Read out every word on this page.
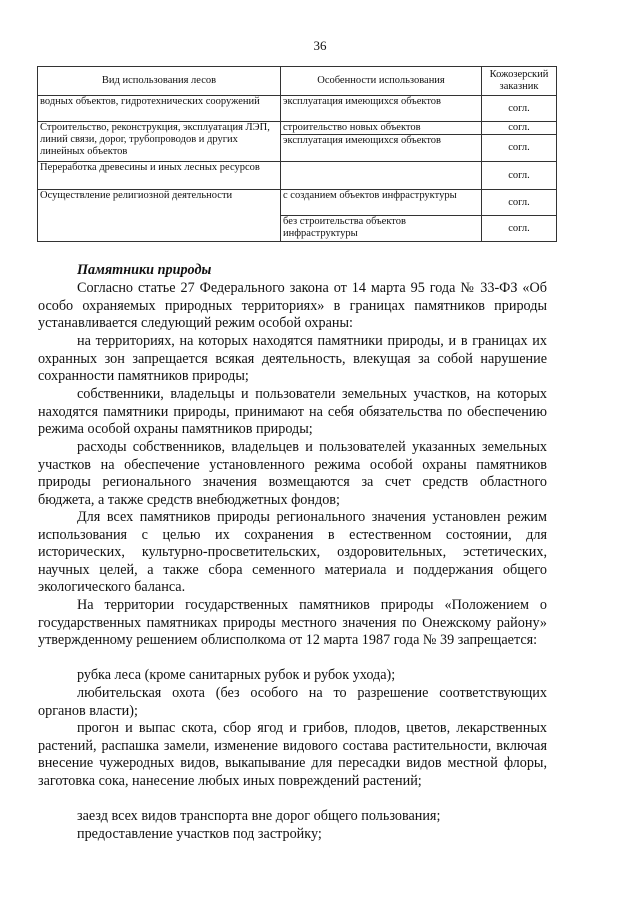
36
Вид использования лесов	Особенности использования	Кожозерский заказник
водных объектов, гидротехнических сооружений	эксплуатация имеющихся объектов	согл.
Строительство, реконструкция, эксплуатация ЛЭП, линий связи, дорог, трубопроводов и других линейных объектов	строительство новых объектов	согл.
	эксплуатация имеющихся объектов	согл.
Переработка древесины и иных лесных ресурсов		согл.
Осуществление религиозной деятельности	с созданием объектов инфраструктуры	согл.
	без строительства объектов инфраструктуры	согл.
Памятники природы
Согласно статье 27 Федерального закона от 14 марта 95 года № 33-ФЗ «Об особо охраняемых природных территориях» в границах памятников природы устанавливается следующий режим особой охраны:
на территориях, на которых находятся памятники природы, и в границах их охранных зон запрещается всякая деятельность, влекущая за собой нарушение сохранности памятников природы;
собственники, владельцы и пользователи земельных участков, на которых находятся памятники природы, принимают на себя обязательства по обеспечению режима особой охраны памятников природы;
расходы собственников, владельцев и пользователей указанных земельных участков на обеспечение установленного режима особой охраны памятников природы регионального значения возмещаются за счет средств областного бюджета, а также средств внебюджетных фондов;
Для всех памятников природы регионального значения установлен режим использования с целью их сохранения в естественном состоянии, для исторических, культурно-просветительских, оздоровительных, эстетических, научных целей, а также сбора семенного материала и поддержания общего экологического баланса.
На территории государственных памятников природы «Положением о государственных памятниках природы местного значения по Онежскому району» утвержденному решением облисполкома от 12 марта 1987 года № 39 запрещается:
рубка леса (кроме санитарных рубок и рубок ухода);
любительская охота (без особого на то разрешение соответствующих органов власти);
прогон и выпас скота, сбор ягод и грибов, плодов, цветов, лекарственных растений, распашка замели, изменение видового состава растительности, включая внесение чужеродных видов, выкапывание для пересадки видов местной флоры, заготовка сока, нанесение любых иных повреждений растений;
заезд всех видов транспорта вне дорог общего пользования;
предоставление участков под застройку;
